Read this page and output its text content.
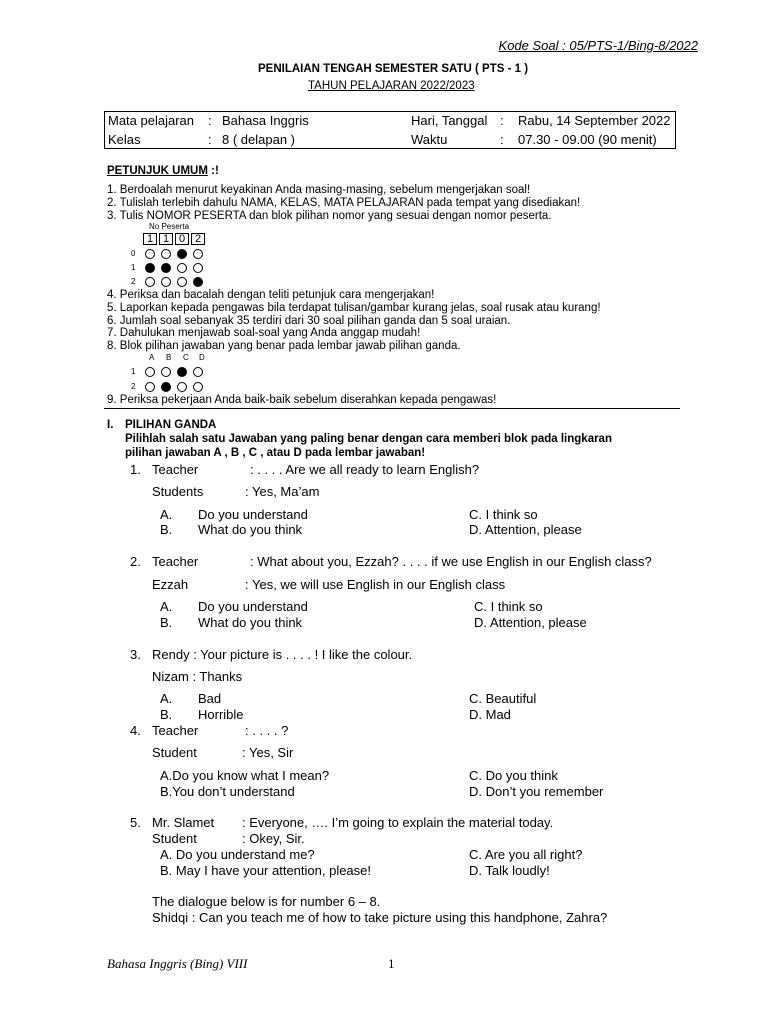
Kode Soal : 05/PTS-1/Bing-8/2022
PENILAIAN TENGAH SEMESTER SATU ( PTS - 1 )
TAHUN PELAJARAN 2022/2023
Mata pelajaran : Bahasa Inggris
Kelas	: 8 ( delapan )
Hari, Tanggal : Rabu, 14 September 2022
Waktu	: 07.30 - 09.00 (90 menit)
PETUNJUK UMUM :!
1. Berdoalah menurut keyakinan Anda masing-masing, sebelum mengerjakan soal!
2. Tulislah terlebih dahulu NAMA, KELAS, MATA PELAJARAN pada tempat yang disediakan!
3. Tulis NOMOR PESERTA dan blok pilihan nomor yang sesuai dengan nomor peserta.
No Peserta
1 1 0 2
0
1
2
4. Periksa dan bacalah dengan teliti petunjuk cara mengerjakan!
5. Laporkan kepada pengawas bila terdapat tulisan/gambar kurang jelas, soal rusak atau kurang!
6. Jumlah soal sebanyak 35 terdiri dari 30 soal pilihan ganda dan 5 soal uraian.
7. Dahulukan menjawab soal-soal yang Anda anggap mudah!
8. Blok pilihan jawaban yang benar pada lembar jawab pilihan ganda.
A B C D
1
2
9. Periksa pekerjaan Anda baik-baik sebelum diserahkan kepada pengawas!
I. PILIHAN GANDA
Pilihlah salah satu Jawaban yang paling benar dengan cara memberi blok pada lingkaran
pilihan jawaban A , B , C , atau D pada lembar jawaban!
1. Teacher	: . . . . Are we all ready to learn English?
Students	: Yes, Ma’am
A. Do you understand
B. What do you think
C. I think so
D. Attention, please
2. Teacher	: What about you, Ezzah? . . . . if we use English in our English class?
Ezzah	: Yes, we will use English in our English class
A. Do you understand
B. What do you think
C. I think so
D. Attention, please
3. Rendy : Your picture is . . . . ! I like the colour.
Nizam : Thanks
A. Bad
B. Horrible
C. Beautiful
D. Mad
4. Teacher	: . . . . ?
Student	: Yes, Sir
A.Do you know what I mean?
B.You don’t understand
C. Do you think
D. Don’t you remember
5. Mr. Slamet : Everyone, …. I’m going to explain the material today.
Student	: Okey, Sir.
A. Do you understand me?
B. May I have your attention, please!
C. Are you all right?
D. Talk loudly!
The dialogue below is for number 6 – 8.
Shidqi : Can you teach me of how to take picture using this handphone, Zahra?
Bahasa Inggris (Bing) VIII	1
